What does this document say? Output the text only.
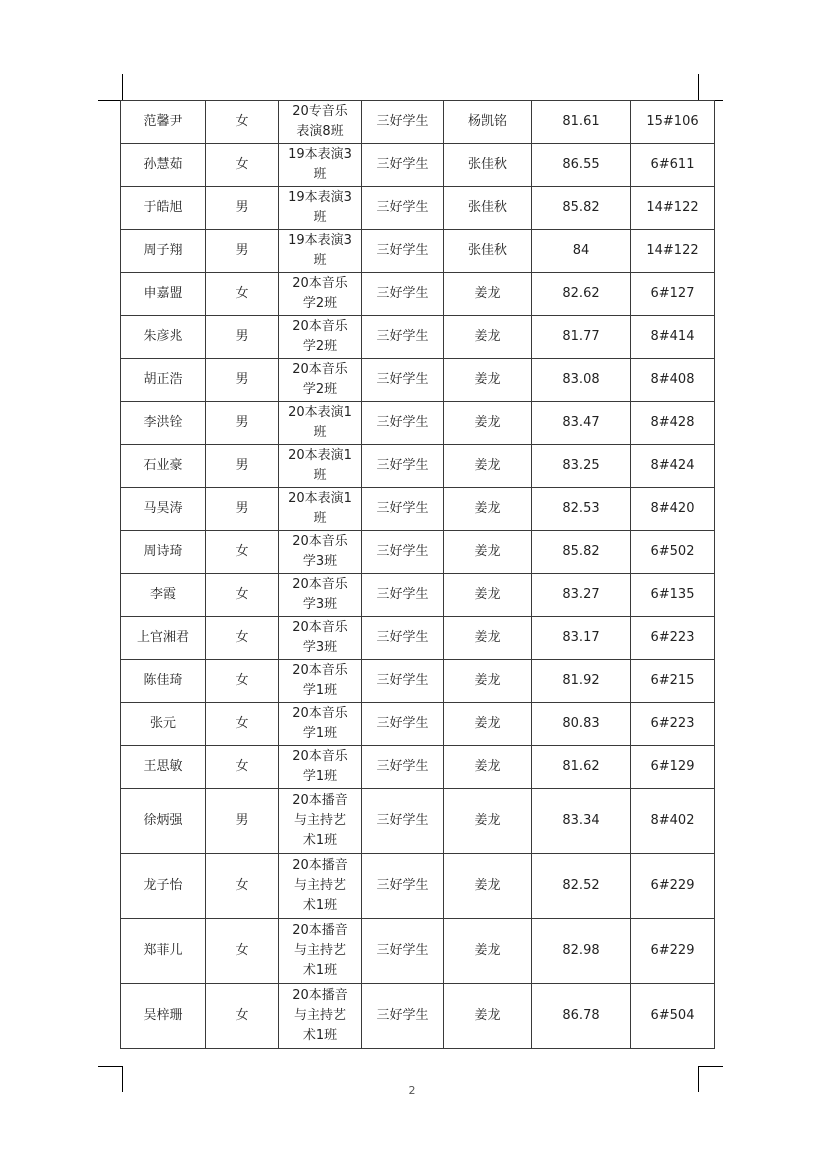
范馨尹	女	20专音乐
表演8班	三好学生	杨凯铭	81.61	15#106
孙慧茹	女	19本表演3
班	三好学生	张佳秋	86.55	6#611
于皓旭	男	19本表演3
班	三好学生	张佳秋	85.82	14#122
周子翔	男	19本表演3
班	三好学生	张佳秋	84	14#122
申嘉盟	女	20本音乐
学2班	三好学生	姜龙	82.62	6#127
朱彦兆	男	20本音乐
学2班	三好学生	姜龙	81.77	8#414
胡正浩	男	20本音乐
学2班	三好学生	姜龙	83.08	8#408
李洪铨	男	20本表演1
班	三好学生	姜龙	83.47	8#428
石业豪	男	20本表演1
班	三好学生	姜龙	83.25	8#424
马昊涛	男	20本表演1
班	三好学生	姜龙	82.53	8#420
周诗琦	女	20本音乐
学3班	三好学生	姜龙	85.82	6#502
李霞	女	20本音乐
学3班	三好学生	姜龙	83.27	6#135
上官湘君	女	20本音乐
学3班	三好学生	姜龙	83.17	6#223
陈佳琦	女	20本音乐
学1班	三好学生	姜龙	81.92	6#215
张元	女	20本音乐
学1班	三好学生	姜龙	80.83	6#223
王思敏	女	20本音乐
学1班	三好学生	姜龙	81.62	6#129
徐炳强	男	20本播音
与主持艺
术1班	三好学生	姜龙	83.34	8#402
龙子怡	女	20本播音
与主持艺
术1班	三好学生	姜龙	82.52	6#229
郑菲儿	女	20本播音
与主持艺
术1班	三好学生	姜龙	82.98	6#229
吴梓珊	女	20本播音
与主持艺
术1班	三好学生	姜龙	86.78	6#504
2
